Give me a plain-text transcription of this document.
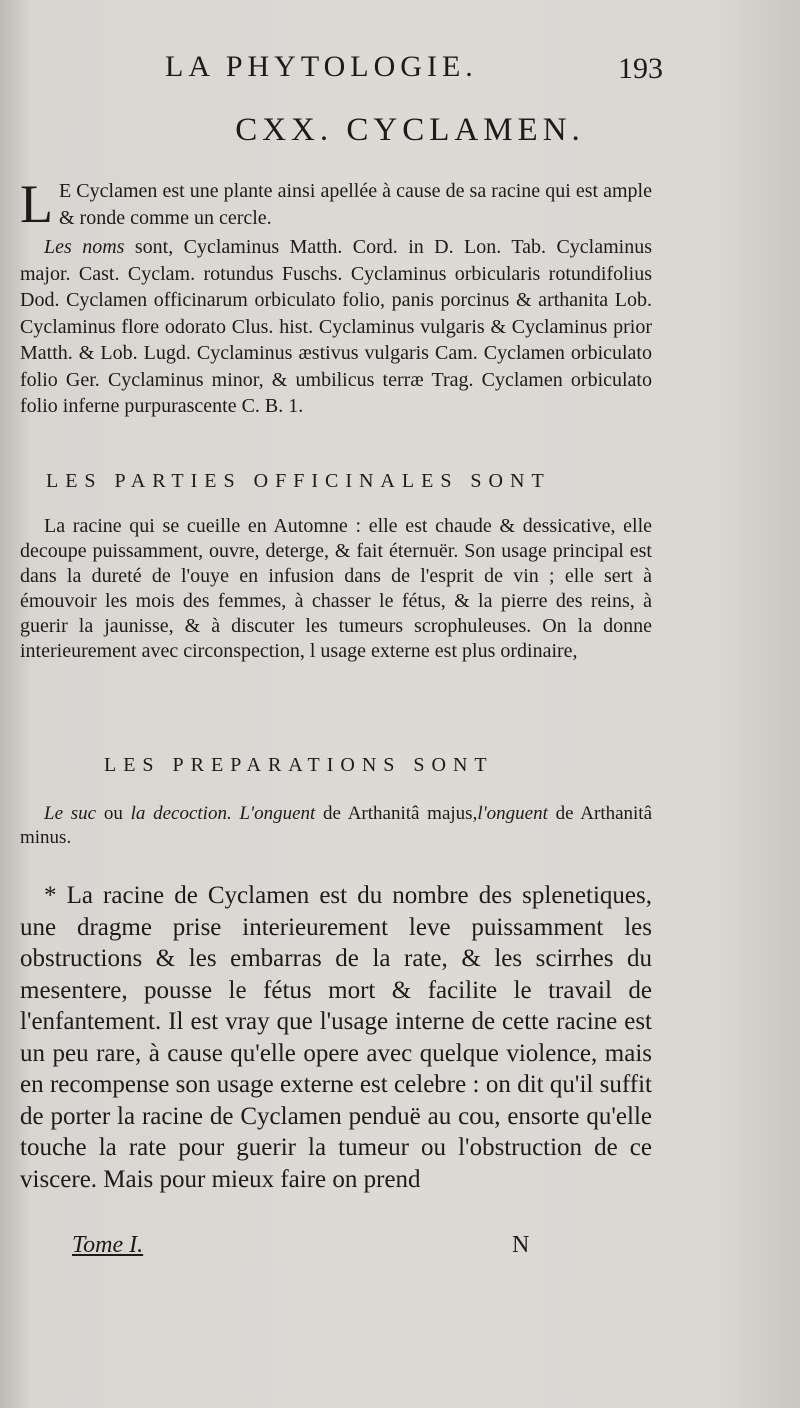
LA PHYTOLOGIE.	193
CXX. CYCLAMEN.
L E Cyclamen est une plante ainsi apellée à cause de sa racine qui est ample & ronde comme un cercle.

Les noms sont, Cyclaminus Matth. Cord. in D. Lon. Tab. Cyclaminus major. Cast. Cyclam. rotundus Fuschs. Cyclaminus orbicularis rotundifolius Dod. Cyclamen officinarum orbiculato folio, panis porcinus & arthanita Lob. Cyclaminus flore odorato Clus. hist. Cyclaminus vulgaris & Cyclaminus prior Matth. & Lob. Lugd. Cyclaminus æstivus vulgaris Cam. Cyclamen orbiculato folio Ger. Cyclaminus minor, & umbilicus terræ Trag. Cyclamen orbiculato folio inferne purpurascente C. B. 1.

LES PARTIES OFFICINALES SONT

La racine qui se cueille en Automne : elle est chaude & dessicative, elle decoupe puissamment, ouvre, deterge, & fait éternuër. Son usage principal est dans la dureté de l'ouye en infusion dans de l'esprit de vin ; elle sert à émouvoir les mois des femmes, à chasser le fétus, & la pierre des reins, à guerir la jaunisse, & à discuter les tumeurs scrophuleuses. On la donne interieurement avec circonspection, l usage externe est plus ordinaire,

LES PREPARATIONS SONT

Le suc ou la decoction. L'onguent de Arthanitâ majus,l'onguent de Arthanitâ minus.

* La racine de Cyclamen est du nombre des splenetiques, une dragme prise interieurement leve puissamment les obstructions & les embarras de la rate, & les scirrhes du mesentere, pousse le fétus mort & facilite le travail de l'enfantement. Il est vray que l'usage interne de cette racine est un peu rare, à cause qu'elle opere avec quelque violence, mais en recompense son usage externe est celebre : on dit qu'il suffit de porter la racine de Cyclamen penduë au cou, ensorte qu'elle touche la rate pour guerir la tumeur ou l'obstruction de ce viscere. Mais pour mieux faire on prend

Tome I.	N
